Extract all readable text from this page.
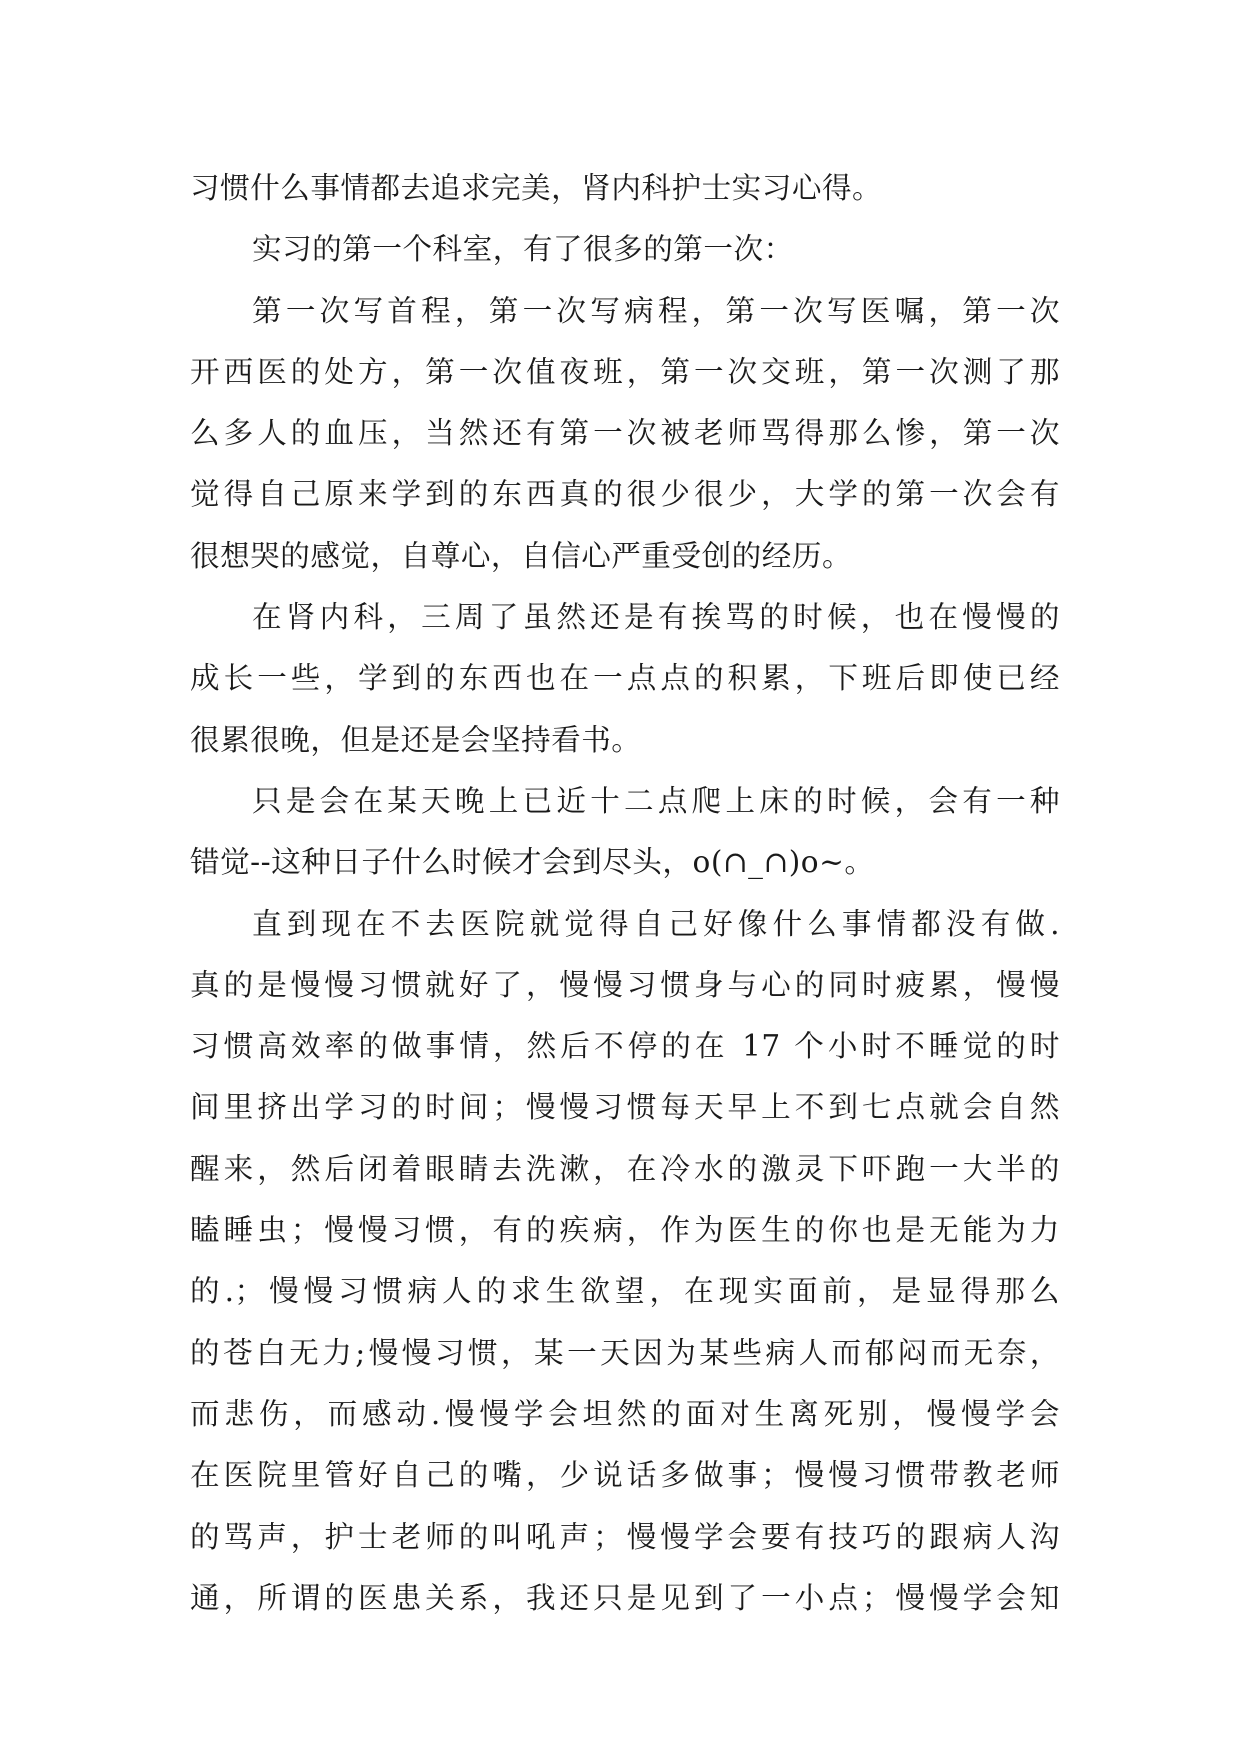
习惯什么事情都去追求完美，肾内科护士实习心得。
实习的第一个科室，有了很多的第一次：
第一次写首程，第一次写病程，第一次写医嘱，第一次
开西医的处方，第一次值夜班，第一次交班，第一次测了那
么多人的血压，当然还有第一次被老师骂得那么惨，第一次
觉得自己原来学到的东西真的很少很少，大学的第一次会有
很想哭的感觉，自尊心，自信心严重受创的经历。
在肾内科，三周了虽然还是有挨骂的时候，也在慢慢的
成长一些，学到的东西也在一点点的积累，下班后即使已经
很累很晚，但是还是会坚持看书。
只是会在某天晚上已近十二点爬上床的时候，会有一种
错觉--这种日子什么时候才会到尽头，o(∩_∩)o~。
直到现在不去医院就觉得自己好像什么事情都没有做.
真的是慢慢习惯就好了，慢慢习惯身与心的同时疲累，慢慢
习惯高效率的做事情，然后不停的在 17 个小时不睡觉的时
间里挤出学习的时间；慢慢习惯每天早上不到七点就会自然
醒来，然后闭着眼睛去洗漱，在冷水的激灵下吓跑一大半的
瞌睡虫；慢慢习惯，有的疾病，作为医生的你也是无能为力
的.；慢慢习惯病人的求生欲望，在现实面前，是显得那么
的苍白无力;慢慢习惯，某一天因为某些病人而郁闷而无奈，
而悲伤，而感动.慢慢学会坦然的面对生离死别，慢慢学会
在医院里管好自己的嘴，少说话多做事；慢慢习惯带教老师
的骂声，护士老师的叫吼声；慢慢学会要有技巧的跟病人沟
通，所谓的医患关系，我还只是见到了一小点；慢慢学会知
